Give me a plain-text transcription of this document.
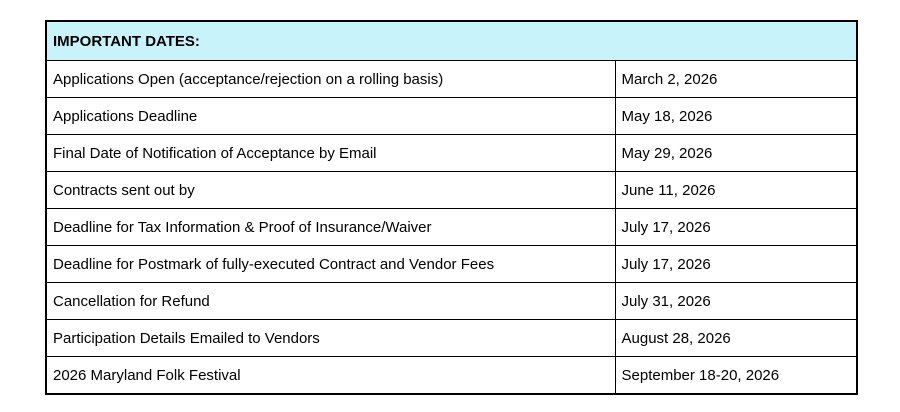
IMPORTANT DATES:	
Applications Open (acceptance/rejection on a rolling basis)	March 2, 2026
Applications Deadline	May 18, 2026
Final Date of Notification of Acceptance by Email	May 29, 2026
Contracts sent out by	June 11, 2026
Deadline for Tax Information & Proof of Insurance/Waiver	July 17, 2026
Deadline for Postmark of fully-executed Contract and Vendor Fees	July 17, 2026
Cancellation for Refund	July 31, 2026
Participation Details Emailed to Vendors	August 28, 2026
2026 Maryland Folk Festival	September 18-20, 2026
